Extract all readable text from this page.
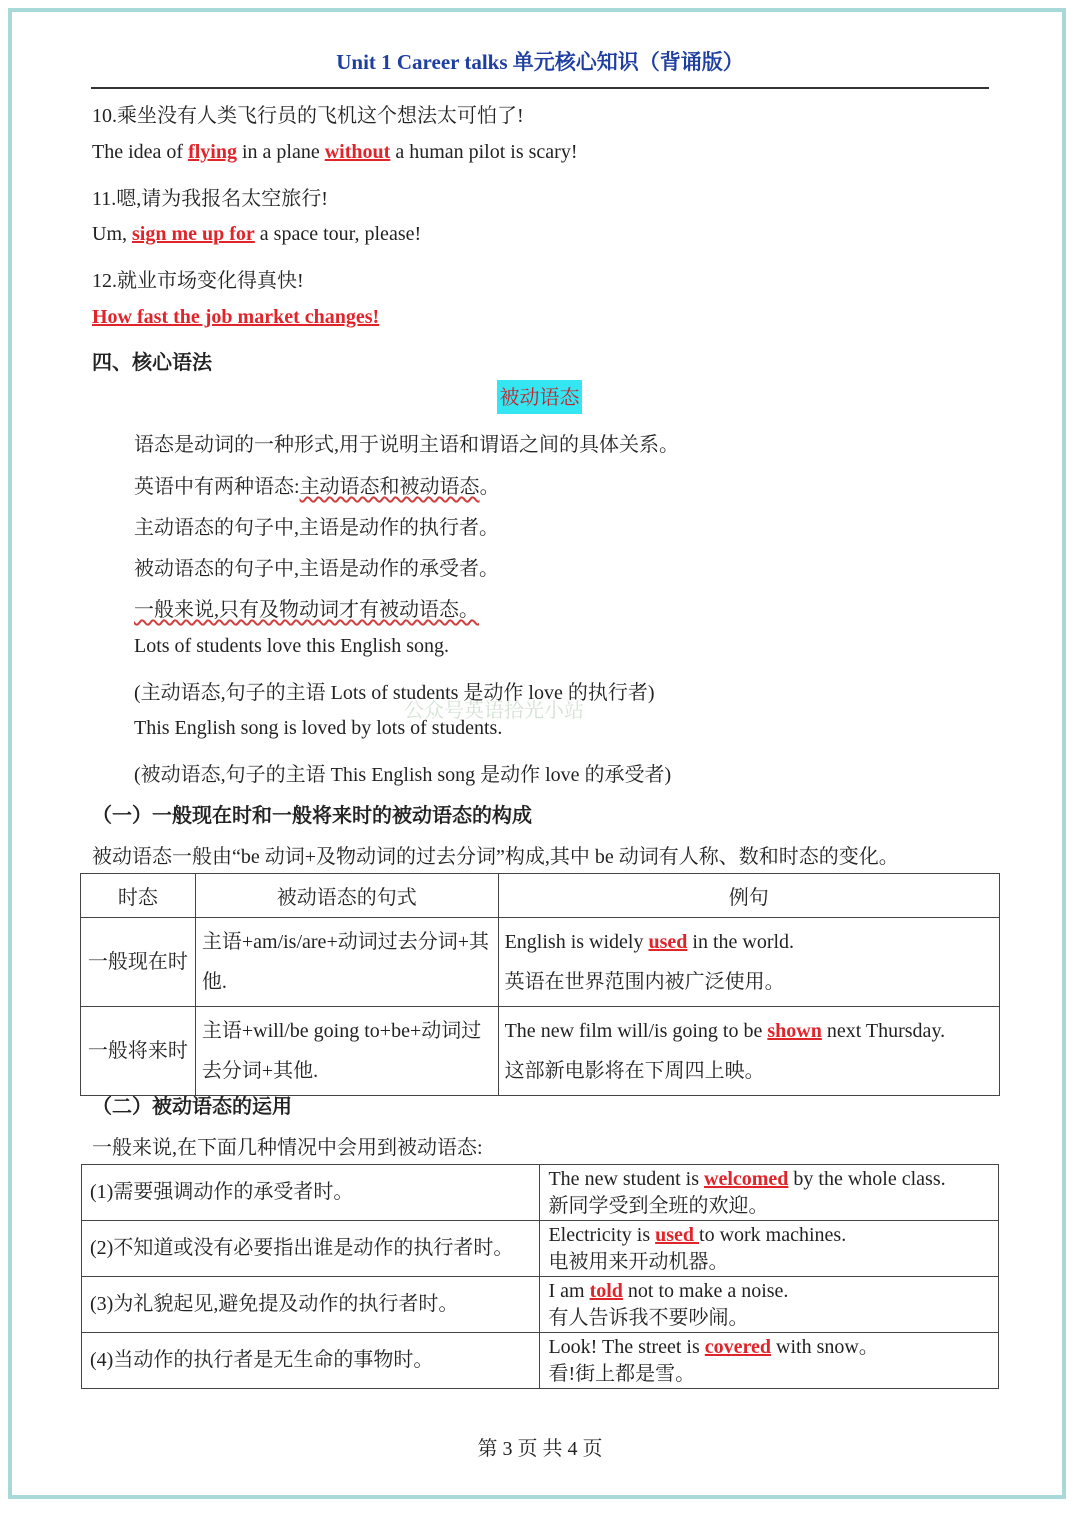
Unit 1 Career talks 单元核心知识（背诵版）
10.乘坐没有人类飞行员的飞机这个想法太可怕了!
The idea of flying in a plane without a human pilot is scary!
11.嗯,请为我报名太空旅行!
Um, sign me up for a space tour, please!
12.就业市场变化得真快!
How fast the job market changes!
四、核心语法
被动语态
语态是动词的一种形式,用于说明主语和谓语之间的具体关系。
英语中有两种语态:主动语态和被动语态。
主动语态的句子中,主语是动作的执行者。
被动语态的句子中,主语是动作的承受者。
一般来说,只有及物动词才有被动语态。
Lots of students love this English song.
(主动语态,句子的主语 Lots of students 是动作 love 的执行者)
公众号英语拾光小站
This English song is loved by lots of students.
(被动语态,句子的主语 This English song 是动作 love 的承受者)
（一）一般现在时和一般将来时的被动语态的构成
被动语态一般由“be 动词+及物动词的过去分词”构成,其中 be 动词有人称、数和时态的变化。
时态	被动语态的句式	例句
一般现在时	主语+am/is/are+动词过去分词+其他.	English is widely used in the world.
英语在世界范围内被广泛使用。

一般将来时	主语+will/be going to+be+动词过去分词+其他.	The new film will/is going to be shown next Thursday.
这部新电影将在下周四上映。
（二）被动语态的运用
一般来说,在下面几种情况中会用到被动语态:
(1)需要强调动作的承受者时。	The new student is welcomed by the whole class.
新同学受到全班的欢迎。

(2)不知道或没有必要指出谁是动作的执行者时。	Electricity is used to work machines.
电被用来开动机器。

(3)为礼貌起见,避免提及动作的执行者时。	I am told not to make a noise.
有人告诉我不要吵闹。

(4)当动作的执行者是无生命的事物时。	Look! The street is covered with snow。
看!街上都是雪。
第 3 页 共 4 页
